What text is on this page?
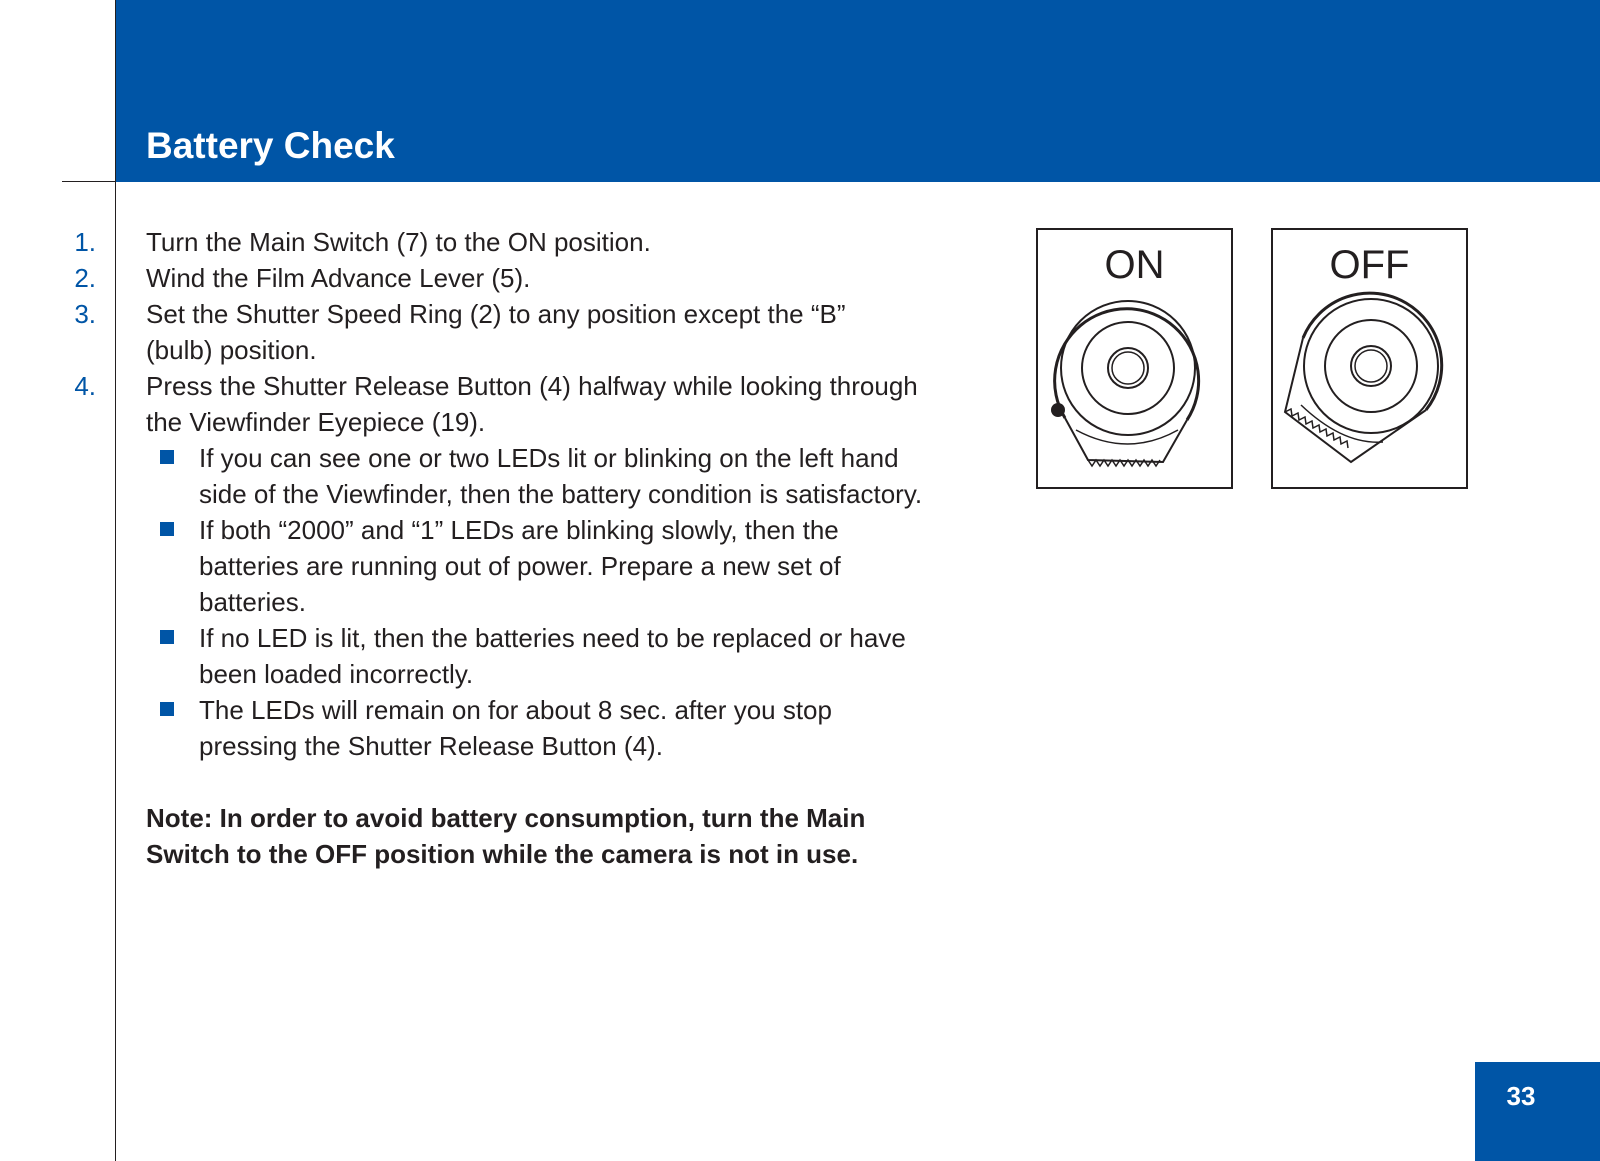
Battery Check
1. Turn the Main Switch (7) to the ON position.
2. Wind the Film Advance Lever (5).
3. Set the Shutter Speed Ring (2) to any position except the “B”
(bulb) position.
4. Press the Shutter Release Button (4) halfway while looking through
the Viewfinder Eyepiece (19).
If you can see one or two LEDs lit or blinking on the left hand
side of the Viewfinder, then the battery condition is satisfactory.
If both “2000” and “1” LEDs are blinking slowly, then the
batteries are running out of power. Prepare a new set of
batteries.
If no LED is lit, then the batteries need to be replaced or have
been loaded incorrectly.
The LEDs will remain on for about 8 sec. after you stop
pressing the Shutter Release Button (4).
Note: In order to avoid battery consumption, turn the Main
Switch to the OFF position while the camera is not in use.
ON	OFF
33
